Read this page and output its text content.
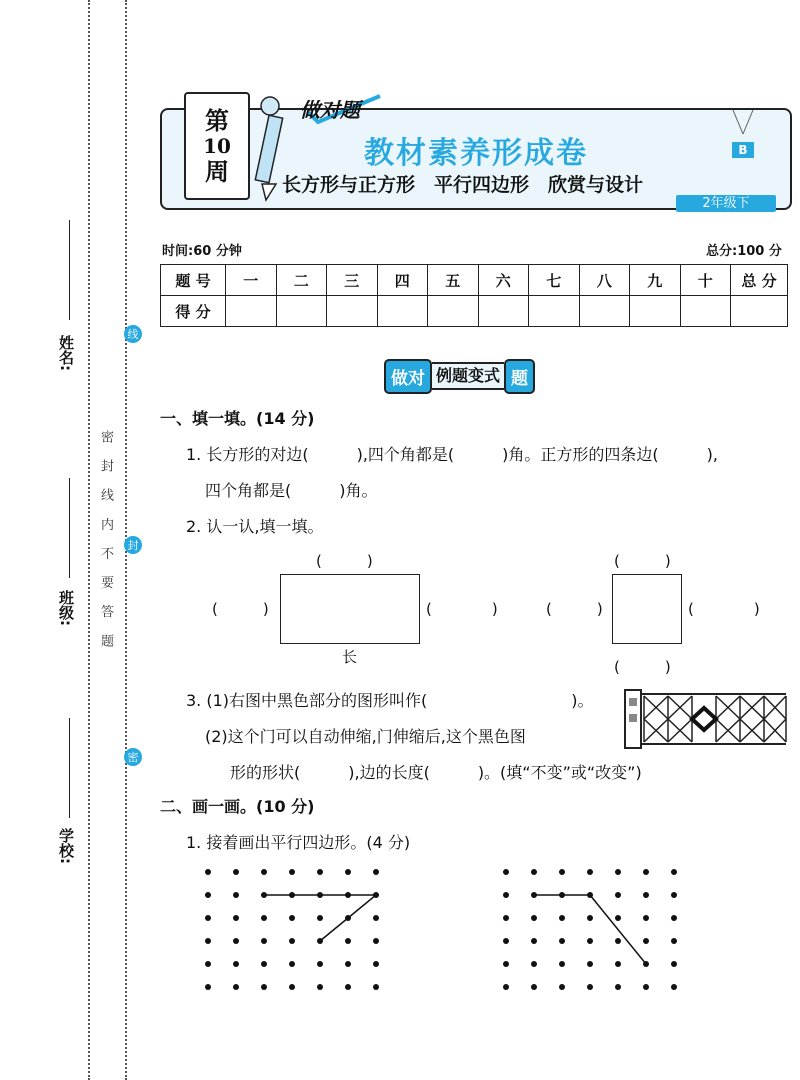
姓名:
班级:
学校:
密 封 线 内 不 要 答 题
线
封
密
第
10
周
做对题
教材素养形成卷
长方形与正方形　平行四边形　欣赏与设计
B
2年级下
时间:60 分钟	总分:100 分
题 号	一	二	三	四	五	六	七	八	九	十	总 分
得 分											
做对 例题变式 题
一、填一填。(14 分)
1. 长方形的对边(　　　),四个角都是(　　　)角。正方形的四条边(　　　),
四个角都是(　　　)角。
2. 认一认,填一填。
(　　　)
(　　　)	(　　　　)
长
(　　　)
(　　　)	(　　　　)
(　　　)
3. (1)右图中黑色部分的图形叫作(　　　　　　　　　)。
(2)这个门可以自动伸缩,门伸缩后,这个黑色图
形的形状(　　　),边的长度(　　　)。(填“不变”或“改变”)
二、画一画。(10 分)
1. 接着画出平行四边形。(4 分)
